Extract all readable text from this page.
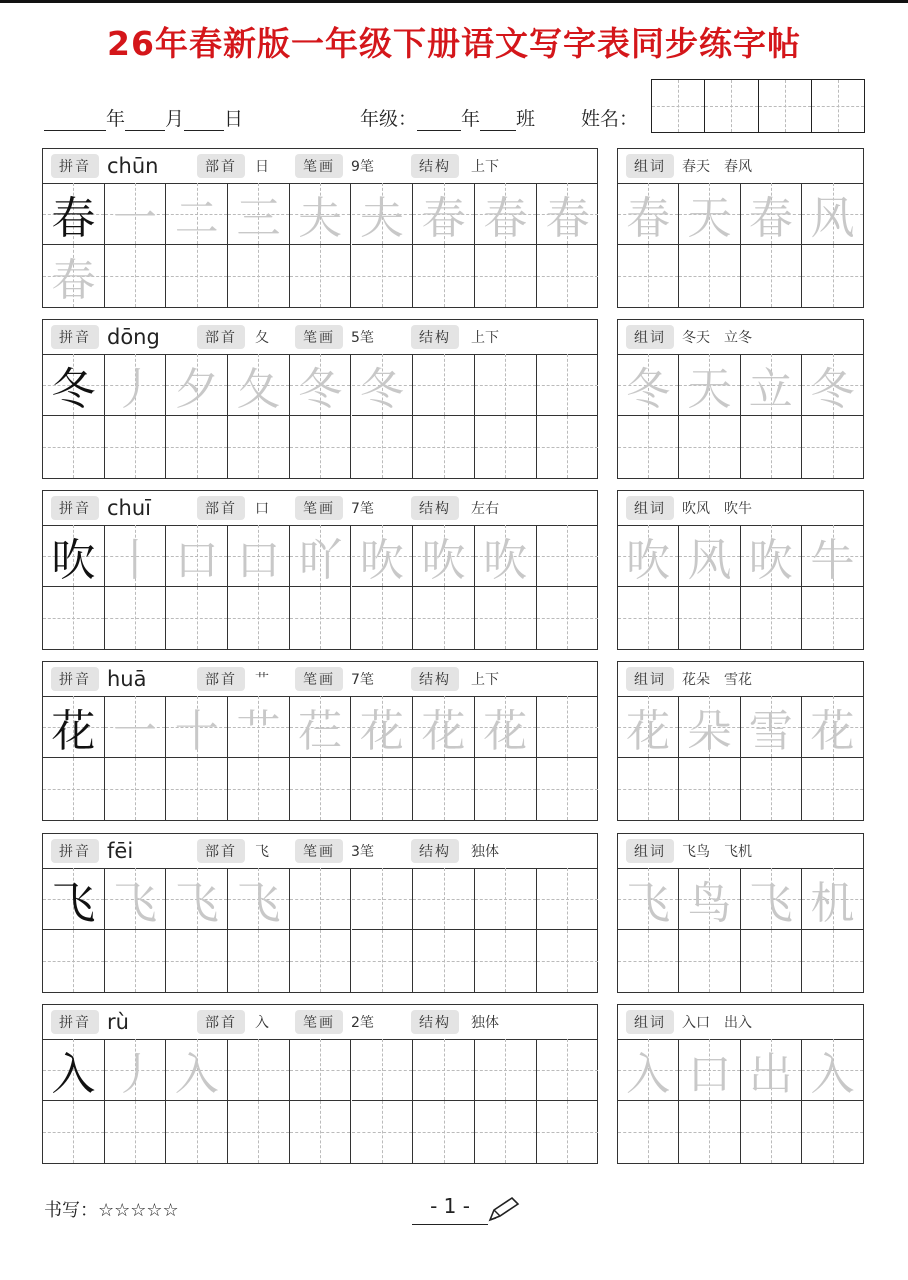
26年春新版一年级下册语文写字表同步练字帖
年 月 日	年级： 年 班 姓名：
拼音 chūn	部首	日	笔画	9笔	结构	上下
春 一 二 三 夫 夫 春 春 春
春
组词	春天　春风
春 天 春 风
拼音 dōng	部首	夂	笔画	5笔	结构	上下
冬 丿 夕 夂 冬 冬
组词	冬天　立冬
冬 天 立 冬
拼音 chuī	部首	口	笔画	7笔	结构	左右
吹 丨 口 口 吖 吹 吹 吹
组词	吹风　吹牛
吹 风 吹 牛
拼音 huā	部首	艹	笔画	7笔	结构	上下
花 一 十 艹 芢 花 花 花
组词	花朵　雪花
花 朵 雪 花
拼音 fēi	部首	飞	笔画	3笔	结构	独体
飞 飞 飞 飞
组词	飞鸟　飞机
飞 鸟 飞 机
拼音 rù	部首	入	笔画	2笔	结构	独体
入 丿 入
组词	入口　出入
入 口 出 入
书写：☆☆☆☆☆	- 1 -
